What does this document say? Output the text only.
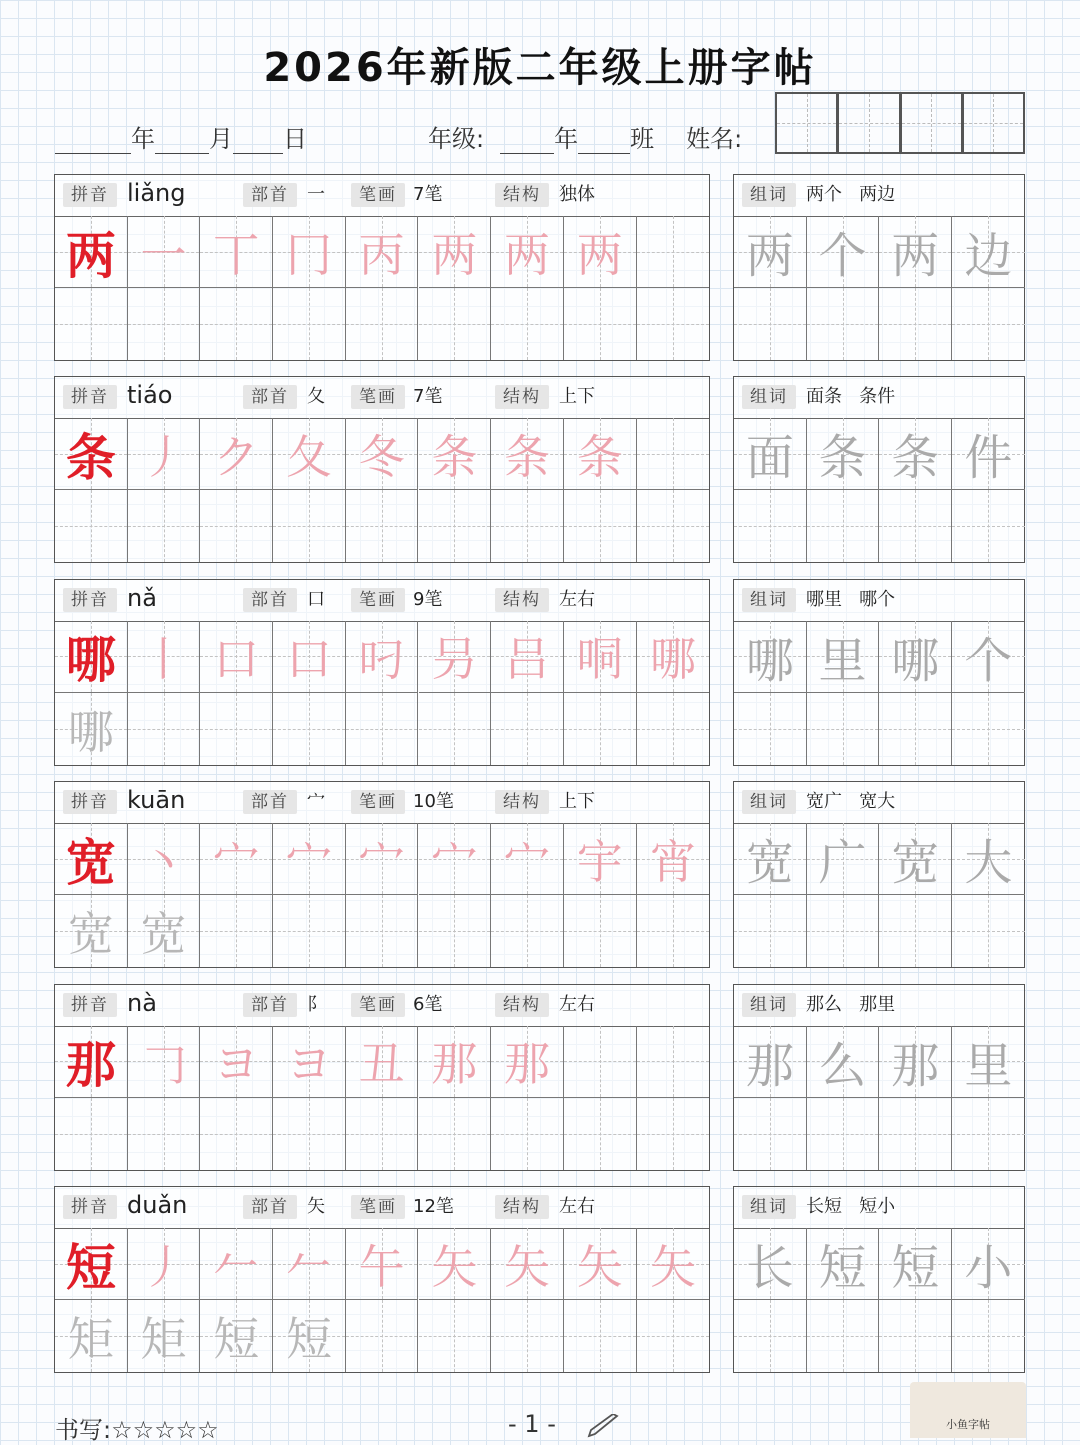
2026年新版二年级上册字帖
年 月 日	年级:	年 班 姓名:
拼音 liǎng	部首	一	笔画 7笔	结构	独体
两 一 丅 冂 丙 两 两 两
组词	两个   两边
两 个 两 边
拼音 tiáo	部首	夂	笔画 7笔	结构	上下
条 丿 ク 夂 冬 条 条 条
组词	面条   条件
面 条 条 件
拼音 nǎ	部首	口	笔画 9笔	结构	左右
哪 丨 口 口 叼 叧 吕 哃 哪
哪
组词	哪里   哪个
哪 里 哪 个
拼音 kuān	部首	宀	笔画 10笔	结构	上下
宽 丶 宀 宀 宀 宀 宀 宇 宵
宽 宽
组词	宽广   宽大
宽 广 宽 大
拼音 nà	部首	阝	笔画 6笔	结构	左右
那 𠃌 ヨ ヨ 丑 那 那
组词	那么   那里
那 么 那 里
拼音 duǎn	部首	矢	笔画 12笔	结构	左右
短 丿 𠂉 𠂉 午 矢 矢 矢 矢
矩 矩 短 短
组词	长短   短小
长 短 短 小
书写:☆☆☆☆☆	- 1 -	小鱼字帖
